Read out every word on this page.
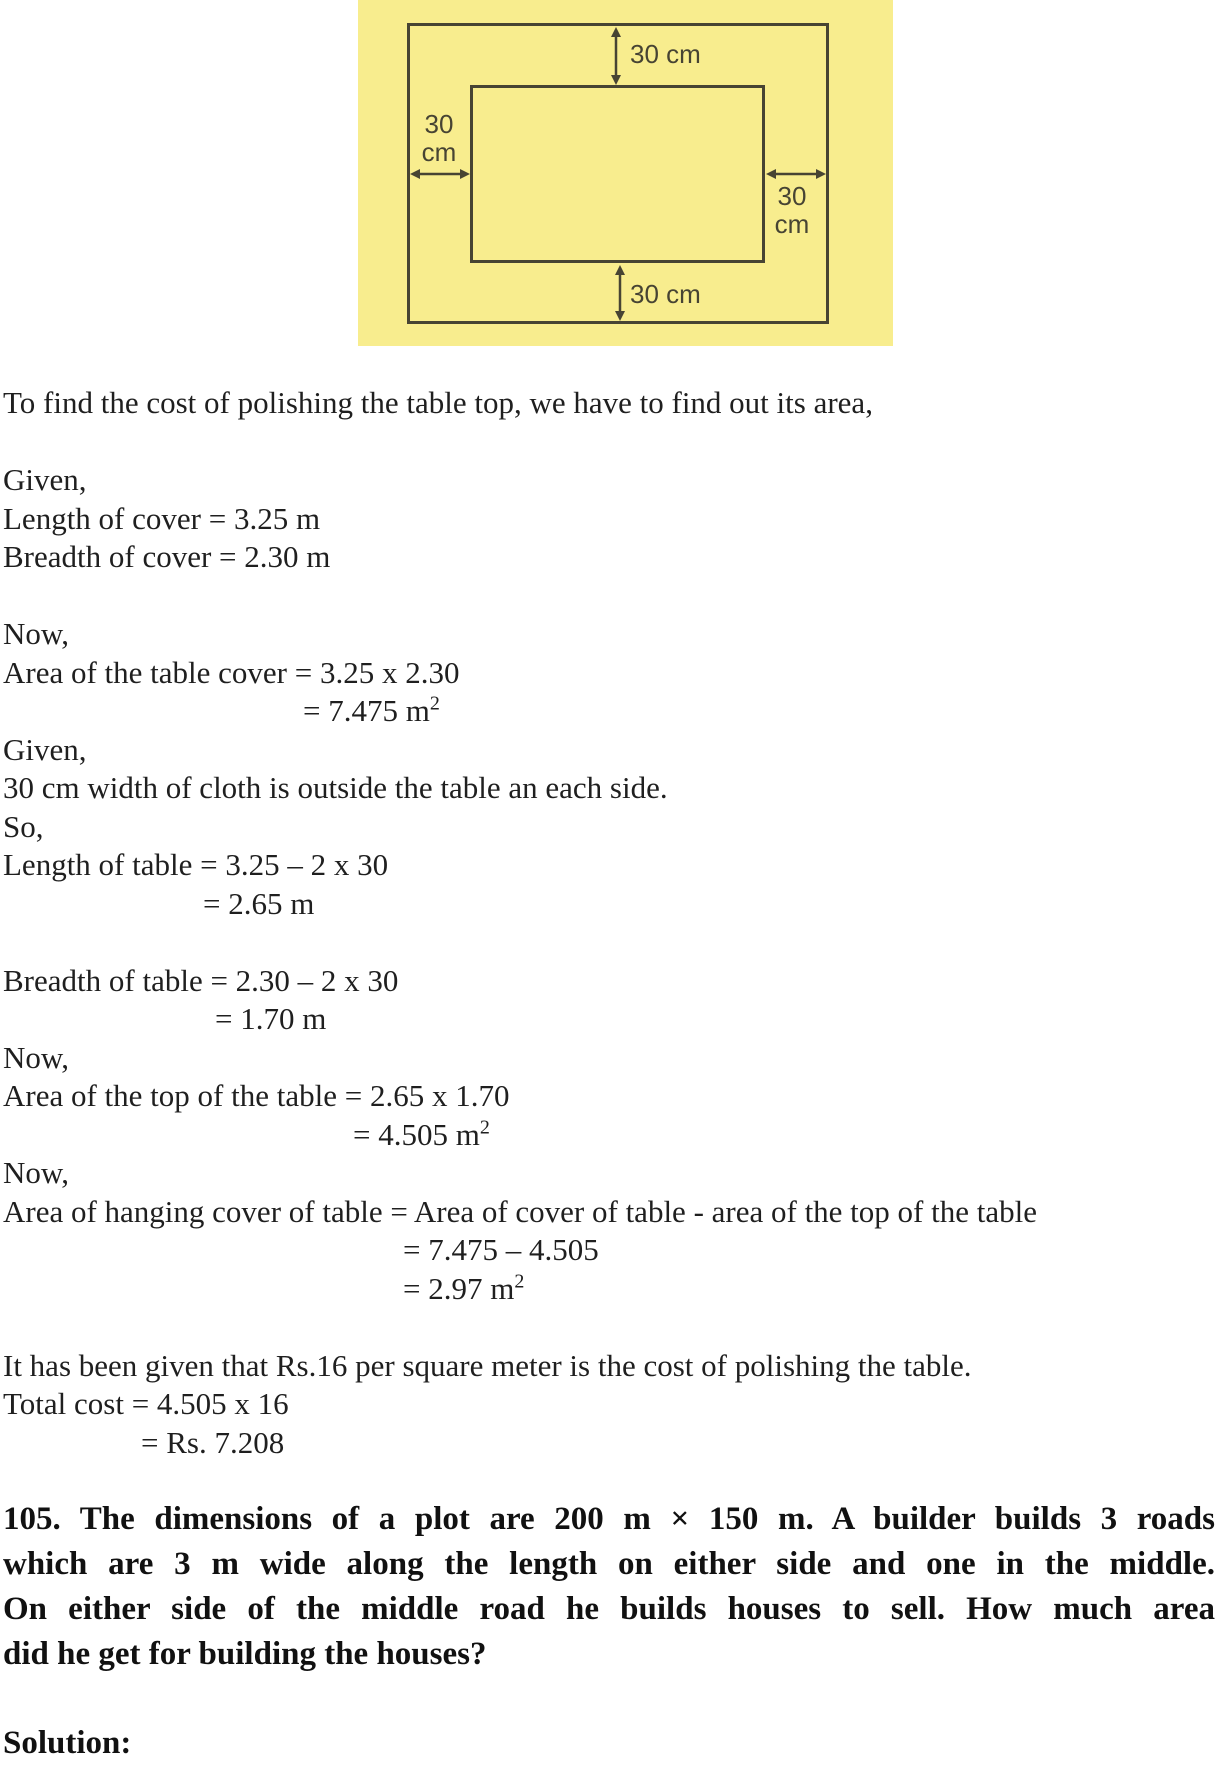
30 cm
30
cm
30
cm
30 cm
To find the cost of polishing the table top, we have to find out its area,

Given,
Length of cover = 3.25 m
Breadth of cover = 2.30 m

Now,
Area of the table cover = 3.25 x 2.30
= 7.475 $m^2$
Given,
30 cm width of cloth is outside the table an each side.
So,
Length of table = 3.25 – 2 x 30
= 2.65 m

Breadth of table = 2.30 – 2 x 30
= 1.70 m
Now,
Area of the top of the table = 2.65 x 1.70
= 4.505 $m^2$
Now,
Area of hanging cover of table = Area of cover of table - area of the top of the table
= 7.475 – 4.505
= 2.97 $m^2$

It has been given that Rs.16 per square meter is the cost of polishing the table.
Total cost = 4.505 x 16
= Rs. 7.208
105. The dimensions of a plot are 200 m × 150 m. A builder builds 3 roads
which are 3 m wide along the length on either side and one in the middle.
On either side of the middle road he builds houses to sell. How much area
did he get for building the houses?
Solution:
